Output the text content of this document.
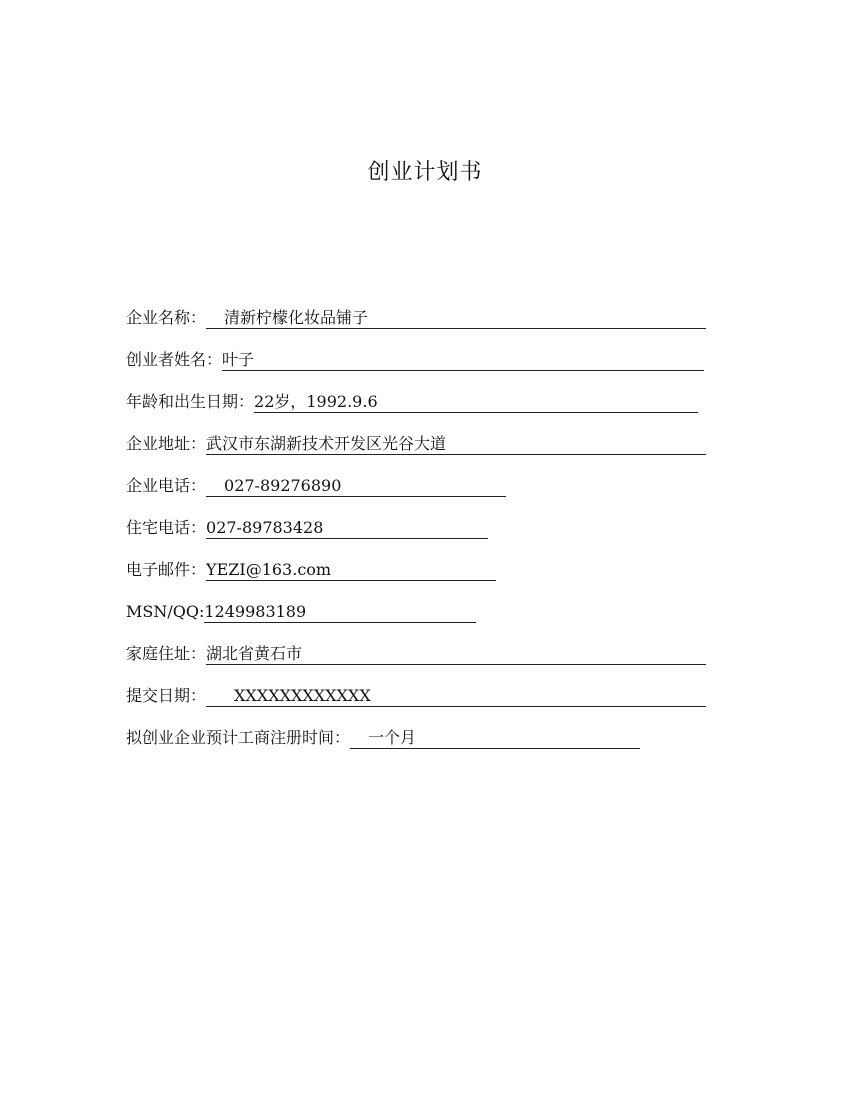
创业计划书
企业名称：	清新柠檬化妆品铺子
创业者姓名： 叶子
年龄和出生日期： 22岁，1992.9.6
企业地址： 武汉市东湖新技术开发区光谷大道
企业电话：	027-89276890
住宅电话： 027-89783428
电子邮件： YEZI@163.com
MSN/QQ: 1249983189
家庭住址： 湖北省黄石市
提交日期：	XXXXXXXXXXXX
拟创业企业预计工商注册时间：	一个月
